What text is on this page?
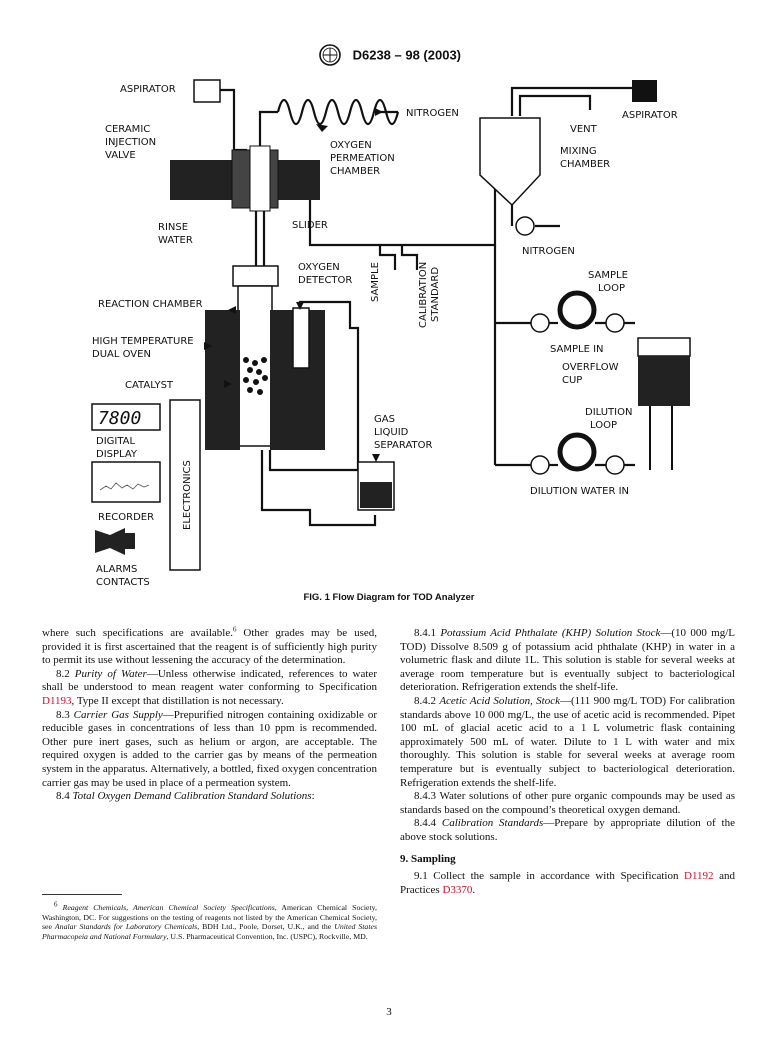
D6238 – 98 (2003)
ASPIRATOR
CERAMIC
INJECTION
VALVE
NITROGEN
OXYGEN
PERMEATION
CHAMBER
RINSE
WATER
SLIDER
OXYGEN
DETECTOR
REACTION CHAMBER
HIGH TEMPERATURE
DUAL OVEN
CATALYST
7800
DIGITAL
DISPLAY
RECORDER	ELECTRONICS
ALARMS
CONTACTS
GAS
LIQUID
SEPARATOR
VENT
ASPIRATOR
MIXING
CHAMBER
NITROGEN
SAMPLE	CALIBRATION STANDARD	SAMPLE
LOOP
SAMPLE IN
OVERFLOW
CUP
DILUTION
LOOP
DILUTION WATER IN
FIG. 1 Flow Diagram for TOD Analyzer

where such specifications are available.$^6$ Other grades may be used, provided it is first ascertained that the reagent is of sufficiently high purity to permit its use without lessening the accuracy of the determination.

8.2 Purity of Water—Unless otherwise indicated, references to water shall be understood to mean reagent water conforming to Specification D1193, Type II except that distillation is not necessary.

8.3 Carrier Gas Supply—Prepurified nitrogen containing oxidizable or reducible gases in concentrations of less than 10 ppm is recommended. Other pure inert gases, such as helium or argon, are acceptable. The required oxygen is added to the carrier gas by means of the permeation system in the apparatus. Alternatively, a bottled, fixed oxygen concentration carrier gas may be used in place of a permeation system.

8.4 Total Oxygen Demand Calibration Standard Solutions:

$^6$ Reagent Chemicals, American Chemical Society Specifications, American Chemical Society, Washington, DC. For suggestions on the testing of reagents not listed by the American Chemical Society, see Analar Standards for Laboratory Chemicals, BDH Ltd., Poole, Dorset, U.K., and the United States Pharmacopeia and National Formulary, U.S. Pharmaceutical Convention, Inc. (USPC), Rockville, MD.

8.4.1 Potassium Acid Phthalate (KHP) Solution Stock—(10 000 mg/L TOD) Dissolve 8.509 g of potassium acid phthalate (KHP) in water in a volumetric flask and dilute 1L. This solution is stable for several weeks at average room temperature but is eventually subject to bacteriological deterioration. Refrigeration extends the shelf-life.

8.4.2 Acetic Acid Solution, Stock—(111 900 mg/L TOD) For calibration standards above 10 000 mg/L, the use of acetic acid is recommended. Pipet 100 mL of glacial acetic acid to a 1 L volumetric flask containing approximately 500 mL of water. Dilute to 1 L with water and mix thoroughly. This solution is stable for several weeks at average room temperature but is eventually subject to bacteriological deterioration. Refrigeration extends the shelf-life.

8.4.3 Water solutions of other pure organic compounds may be used as standards based on the compound’s theoretical oxygen demand.

8.4.4 Calibration Standards—Prepare by appropriate dilution of the above stock solutions.

9. Sampling

9.1 Collect the sample in accordance with Specification D1192 and Practices D3370.

3
